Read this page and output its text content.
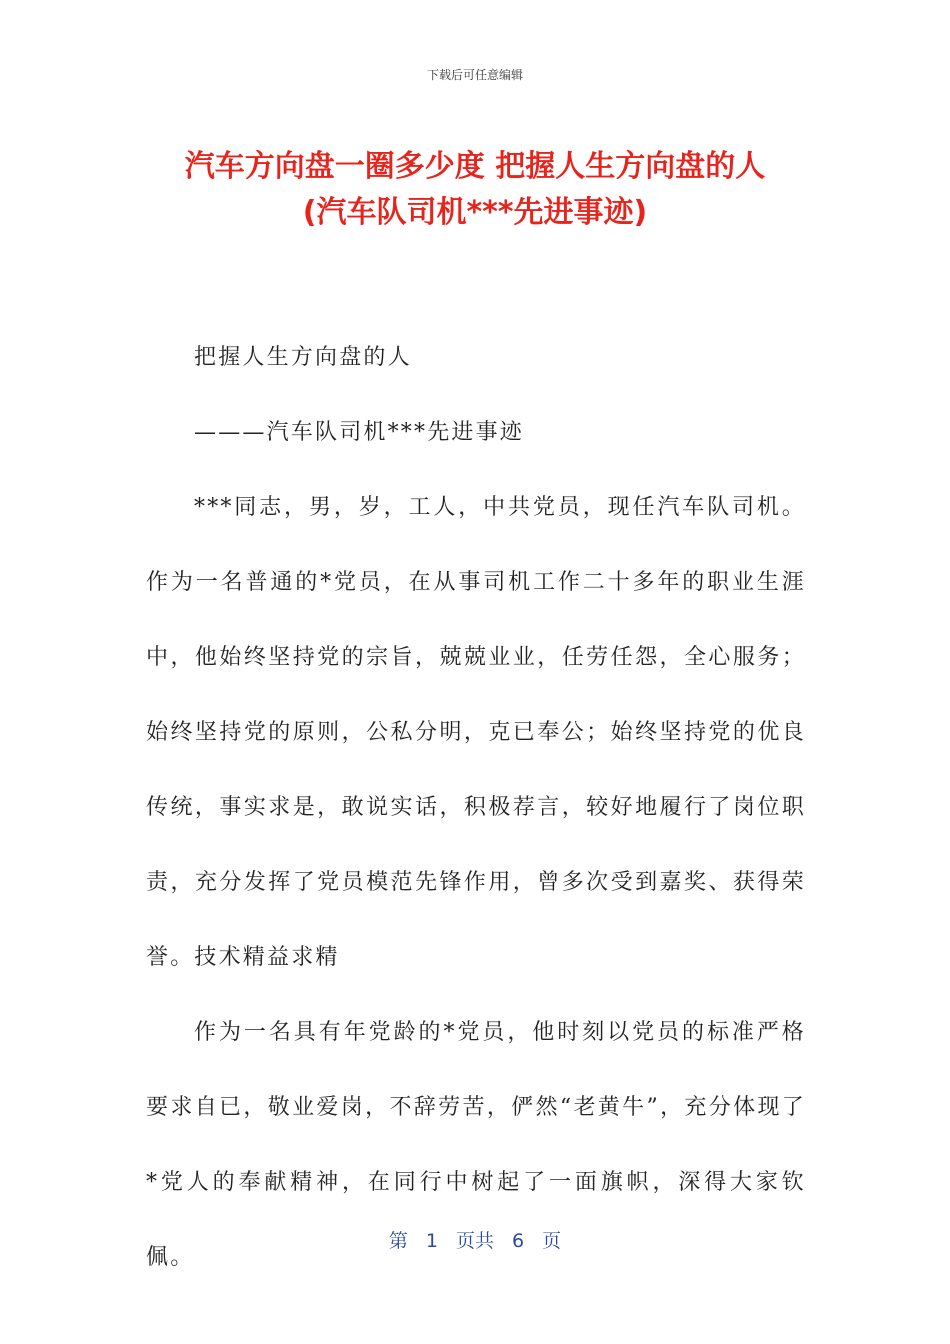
下载后可任意编辑
汽车方向盘一圈多少度 把握人生方向盘的人
(汽车队司机***先进事迹)

把握人生方向盘的人

———汽车队司机***先进事迹

***同志，男，岁，工人，中共党员，现任汽车队司机。作为一名普通的*党员，在从事司机工作二十多年的职业生涯中，他始终坚持党的宗旨，兢兢业业，任劳任怨，全心服务；始终坚持党的原则，公私分明，克已奉公；始终坚持党的优良传统，事实求是，敢说实话，积极荐言，较好地履行了岗位职责，充分发挥了党员模范先锋作用，曾多次受到嘉奖、获得荣誉。技术精益求精

作为一名具有年党龄的*党员，他时刻以党员的标准严格要求自已，敬业爱岗，不辞劳苦，俨然“老黄牛”，充分体现了*党人的奉献精神，在同行中树起了一面旗帜，深得大家钦佩。

第 1 页共 6 页
